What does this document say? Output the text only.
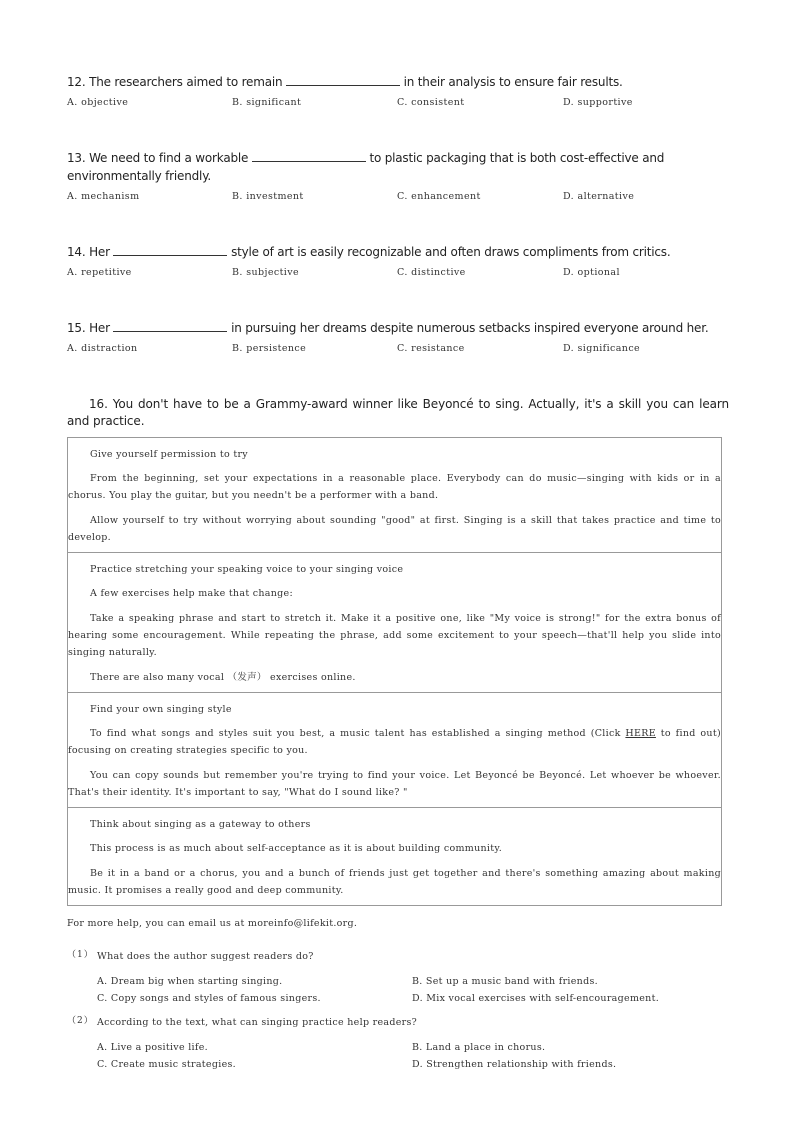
12. The researchers aimed to remain	in their analysis to ensure fair results.
A. objective	B. significant	C. consistent	D. supportive
13. We need to find a workable	to plastic packaging that is both cost-effective and environmentally friendly.
A. mechanism	B. investment	C. enhancement	D. alternative
14. Her	style of art is easily recognizable and often draws compliments from critics.
A. repetitive	B. subjective	C. distinctive	D. optional
15. Her	in pursuing her dreams despite numerous setbacks inspired everyone around her.
A. distraction	B. persistence	C. resistance	D. significance
16. You don't have to be a Grammy-award winner like Beyoncé to sing. Actually, it's a skill you can learn and practice.

Give yourself permission to try

From the beginning, set your expectations in a reasonable place. Everybody can do music—singing with kids or in a chorus. You play the guitar, but you needn't be a performer with a band.

Allow yourself to try without worrying about sounding "good" at first. Singing is a skill that takes practice and time to develop.

Practice stretching your speaking voice to your singing voice

A few exercises help make that change:

Take a speaking phrase and start to stretch it. Make it a positive one, like "My voice is strong!" for the extra bonus of hearing some encouragement. While repeating the phrase, add some excitement to your speech—that'll help you slide into singing naturally.

There are also many vocal （发声） exercises online.

Find your own singing style

To find what songs and styles suit you best, a music talent has established a singing method (Click HERE to find out) focusing on creating strategies specific to you.

You can copy sounds but remember you're trying to find your voice. Let Beyoncé be Beyoncé. Let whoever be whoever. That's their identity. It's important to say, "What do I sound like? "

Think about singing as a gateway to others

This process is as much about self-acceptance as it is about building community.

Be it in a band or a chorus, you and a bunch of friends just get together and there's something amazing about making music. It promises a really good and deep community.

For more help, you can email us at moreinfo@lifekit.org.
（1） What does the author suggest readers do?
A. Dream big when starting singing.	B. Set up a music band with friends.
C. Copy songs and styles of famous singers.	D. Mix vocal exercises with self-encouragement.
（2） According to the text, what can singing practice help readers?
A. Live a positive life.	B. Land a place in chorus.
C. Create music strategies.	D. Strengthen relationship with friends.
